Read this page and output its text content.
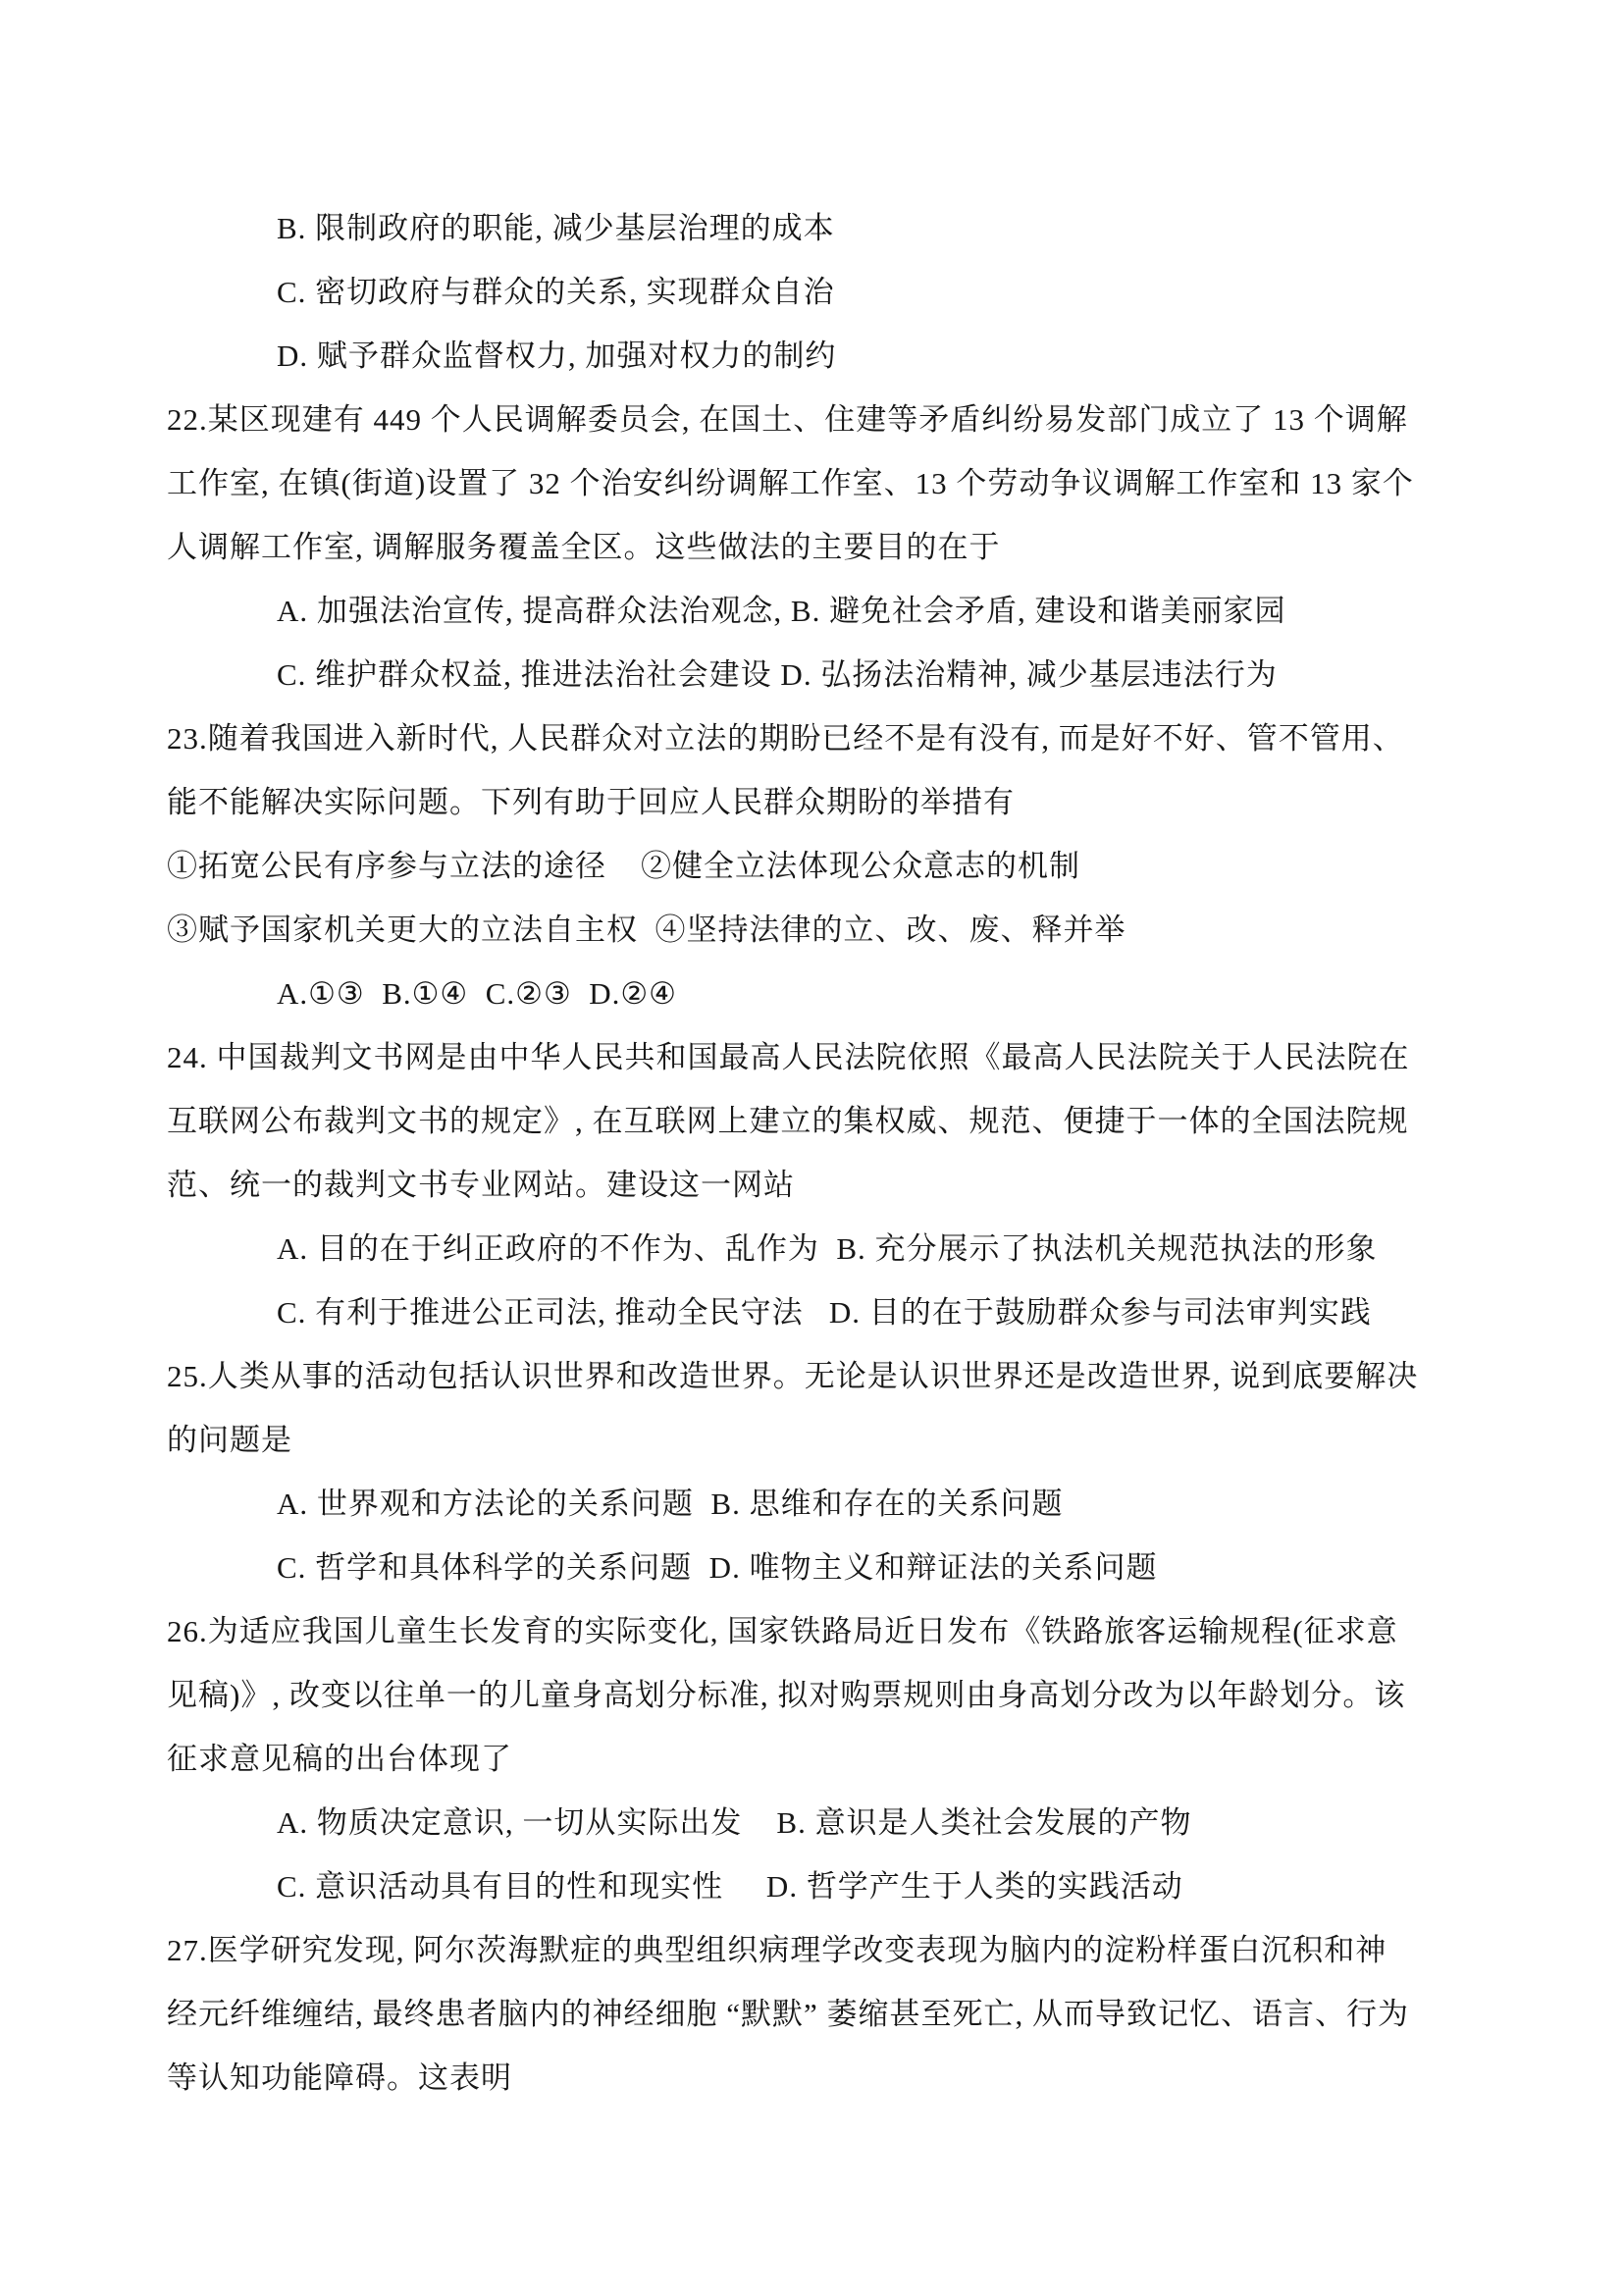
B. 限制政府的职能, 减少基层治理的成本
C. 密切政府与群众的关系, 实现群众自治
D. 赋予群众监督权力, 加强对权力的制约
22.某区现建有 449 个人民调解委员会, 在国土、住建等矛盾纠纷易发部门成立了 13 个调解
工作室, 在镇(街道)设置了 32 个治安纠纷调解工作室、13 个劳动争议调解工作室和 13 家个
人调解工作室, 调解服务覆盖全区。这些做法的主要目的在于
A. 加强法治宣传, 提高群众法治观念, B. 避免社会矛盾, 建设和谐美丽家园
C. 维护群众权益, 推进法治社会建设 D. 弘扬法治精神, 减少基层违法行为
23.随着我国进入新时代, 人民群众对立法的期盼已经不是有没有, 而是好不好、管不管用、
能不能解决实际问题。下列有助于回应人民群众期盼的举措有
①拓宽公民有序参与立法的途径    ②健全立法体现公众意志的机制
③赋予国家机关更大的立法自主权  ④坚持法律的立、改、废、释并举
A.①③  B.①④  C.②③  D.②④
24. 中国裁判文书网是由中华人民共和国最高人民法院依照《最高人民法院关于人民法院在
互联网公布裁判文书的规定》, 在互联网上建立的集权威、规范、便捷于一体的全国法院规
范、统一的裁判文书专业网站。建设这一网站
A. 目的在于纠正政府的不作为、乱作为  B. 充分展示了执法机关规范执法的形象
C. 有利于推进公正司法, 推动全民守法   D. 目的在于鼓励群众参与司法审判实践
25.人类从事的活动包括认识世界和改造世界。无论是认识世界还是改造世界, 说到底要解决
的问题是
A. 世界观和方法论的关系问题  B. 思维和存在的关系问题
C. 哲学和具体科学的关系问题  D. 唯物主义和辩证法的关系问题
26.为适应我国儿童生长发育的实际变化, 国家铁路局近日发布《铁路旅客运输规程(征求意
见稿)》, 改变以往单一的儿童身高划分标准, 拟对购票规则由身高划分改为以年龄划分。该
征求意见稿的出台体现了
A. 物质决定意识, 一切从实际出发    B. 意识是人类社会发展的产物
C. 意识活动具有目的性和现实性     D. 哲学产生于人类的实践活动
27.医学研究发现, 阿尔茨海默症的典型组织病理学改变表现为脑内的淀粉样蛋白沉积和神
经元纤维缠结, 最终患者脑内的神经细胞 “默默” 萎缩甚至死亡, 从而导致记忆、语言、行为
等认知功能障碍。这表明
